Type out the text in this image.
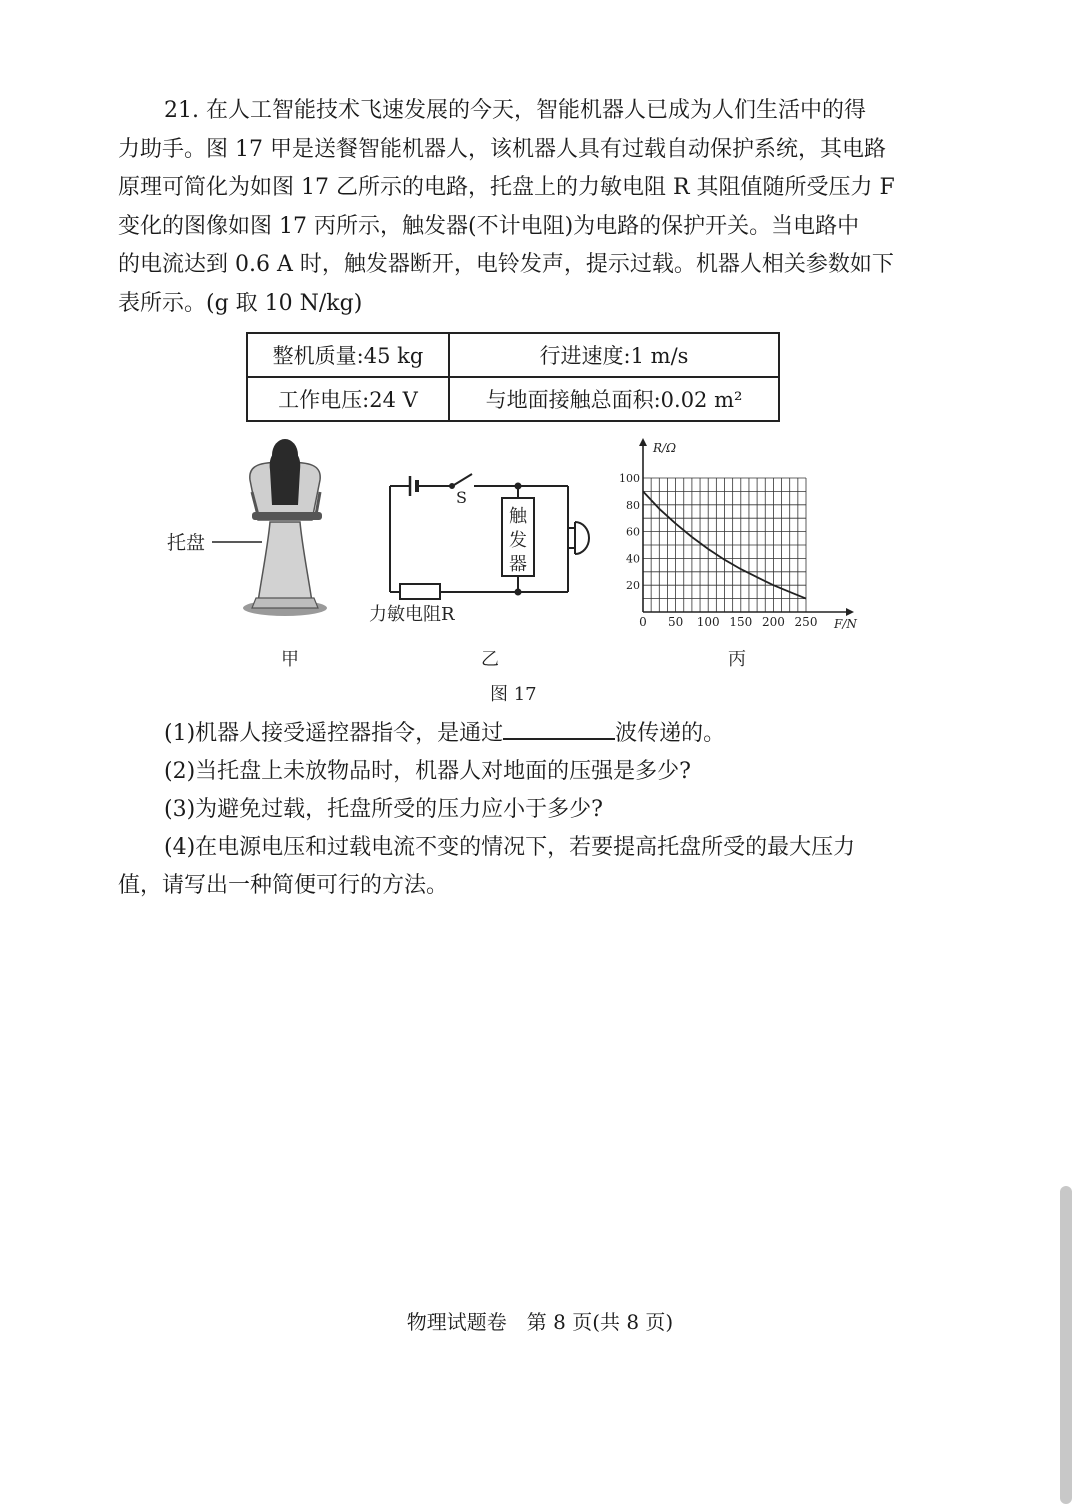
21. 在人工智能技术飞速发展的今天，智能机器人已成为人们生活中的得
力助手。图 17 甲是送餐智能机器人，该机器人具有过载自动保护系统，其电路
原理可简化为如图 17 乙所示的电路，托盘上的力敏电阻 R 其阻值随所受压力 F
变化的图像如图 17 丙所示，触发器(不计电阻)为电路的保护开关。当电路中
的电流达到 0.6 A 时，触发器断开，电铃发声，提示过载。机器人相关参数如下
表所示。(g 取 10 N/kg)
整机质量:45 kg	行进速度:1 m/s
工作电压:24 V	与地面接触总面积:0.02 m²
托盘
S
触 发 器
力敏电阻R	0 50 100 150 200 250
20
40
60
80
100
F/N
R/Ω
甲	乙	丙
图 17
(1)机器人接受遥控器指令，是通过	波传递的。
(2)当托盘上未放物品时，机器人对地面的压强是多少?
(3)为避免过载，托盘所受的压力应小于多少?
(4)在电源电压和过载电流不变的情况下，若要提高托盘所受的最大压力
值，请写出一种简便可行的方法。
物理试题卷　第 8 页(共 8 页)
